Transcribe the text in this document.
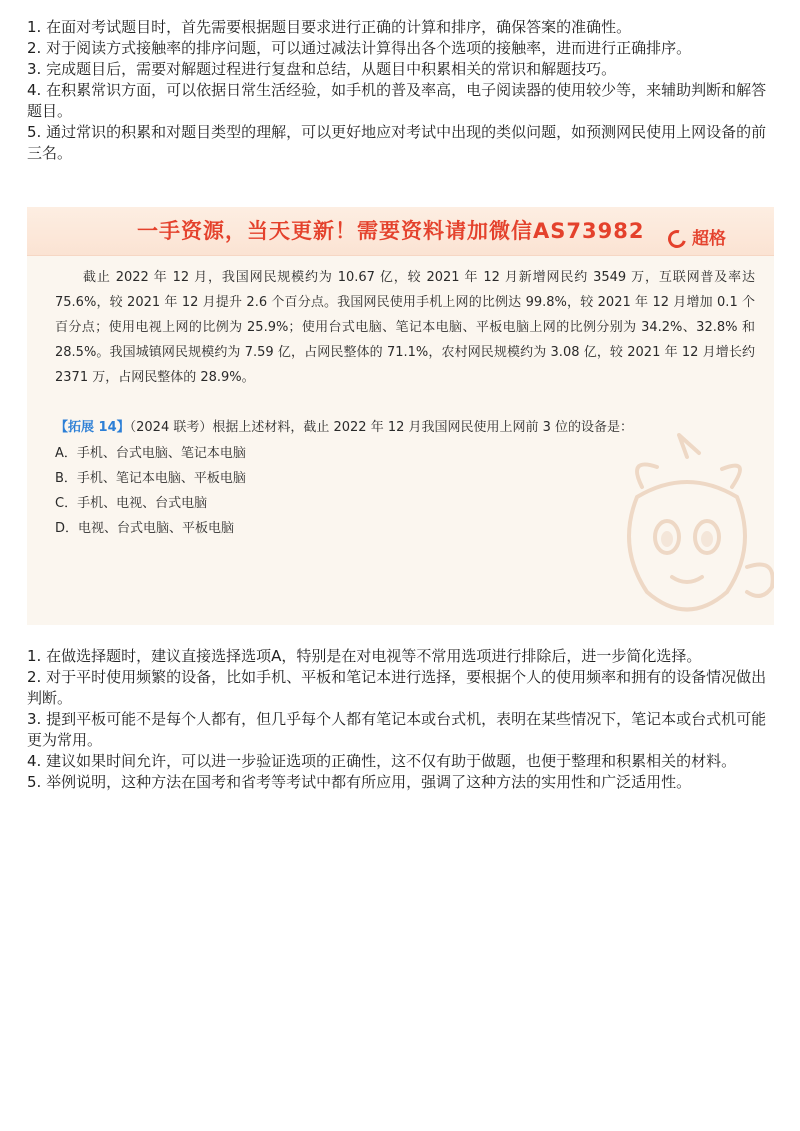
1. 在面对考试题目时，首先需要根据题目要求进行正确的计算和排序，确保答案的准确性。
2. 对于阅读方式接触率的排序问题，可以通过减法计算得出各个选项的接触率，进而进行正确排序。
3. 完成题目后，需要对解题过程进行复盘和总结，从题目中积累相关的常识和解题技巧。
4. 在积累常识方面，可以依据日常生活经验，如手机的普及率高，电子阅读器的使用较少等，来辅助判断和解答题目。
5. 通过常识的积累和对题目类型的理解，可以更好地应对考试中出现的类似问题，如预测网民使用上网设备的前三名。
一手资源，当天更新！需要资料请加微信AS73982	超格

截止 2022 年 12 月，我国网民规模约为 10.67 亿，较 2021 年 12 月新增网民约 3549 万，互联网普及率达 75.6%，较 2021 年 12 月提升 2.6 个百分点。我国网民使用手机上网的比例达 99.8%，较 2021 年 12 月增加 0.1 个百分点；使用电视上网的比例为 25.9%；使用台式电脑、笔记本电脑、平板电脑上网的比例分别为 34.2%、32.8% 和 28.5%。我国城镇网民规模约为 7.59 亿，占网民整体的 71.1%，农村网民规模约为 3.08 亿，较 2021 年 12 月增长约 2371 万，占网民整体的 28.9%。

【拓展 14】（2024 联考）根据上述材料，截止 2022 年 12 月我国网民使用上网前 3 位的设备是：
A．手机、台式电脑、笔记本电脑
B．手机、笔记本电脑、平板电脑
C．手机、电视、台式电脑
D．电视、台式电脑、平板电脑
1. 在做选择题时，建议直接选择选项A，特别是在对电视等不常用选项进行排除后，进一步简化选择。
2. 对于平时使用频繁的设备，比如手机、平板和笔记本进行选择，要根据个人的使用频率和拥有的设备情况做出判断。
3. 提到平板可能不是每个人都有，但几乎每个人都有笔记本或台式机，表明在某些情况下，笔记本或台式机可能更为常用。
4. 建议如果时间允许，可以进一步验证选项的正确性，这不仅有助于做题，也便于整理和积累相关的材料。
5. 举例说明，这种方法在国考和省考等考试中都有所应用，强调了这种方法的实用性和广泛适用性。
